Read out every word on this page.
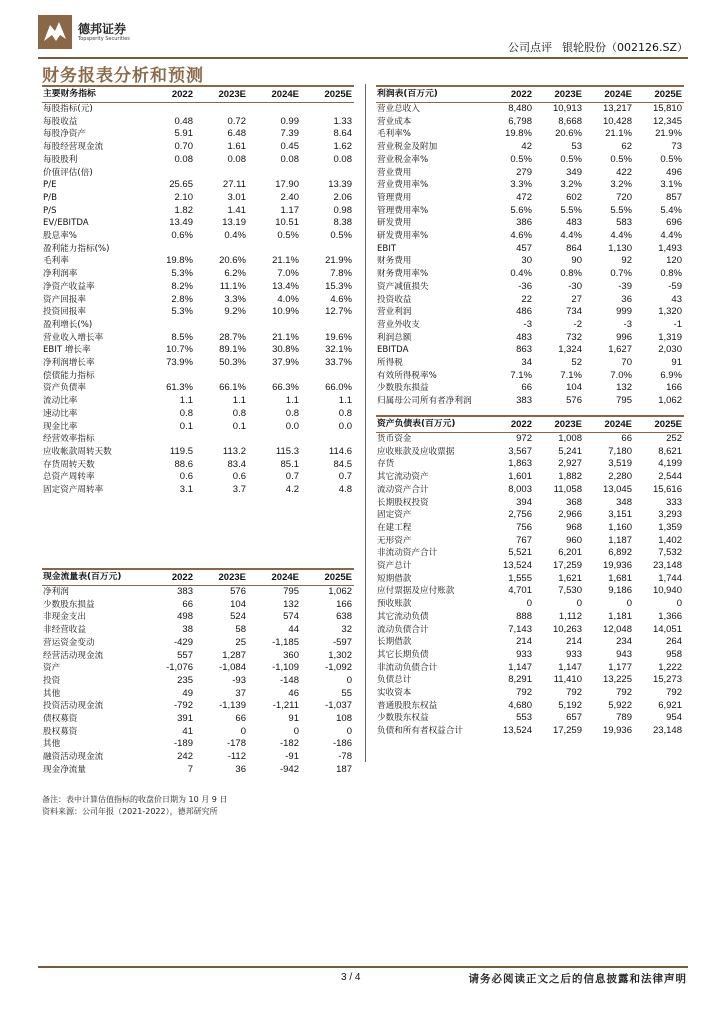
德邦证券
Topsperity Securities
公司点评 银轮股份（002126.SZ）
财务报表分析和预测
主要财务指标	2022	2023E	2024E	2025E
每股指标(元)				
每股收益	0.48	0.72	0.99	1.33
每股净资产	5.91	6.48	7.39	8.64
每股经营现金流	0.70	1.61	0.45	1.62
每股股利	0.08	0.08	0.08	0.08
价值评估(倍)				
P/E	25.65	27.11	17.90	13.39
P/B	2.10	3.01	2.40	2.06
P/S	1.82	1.41	1.17	0.98
EV/EBITDA	13.49	13.19	10.51	8.38
股息率%	0.6%	0.4%	0.5%	0.5%
盈利能力指标(%)				
毛利率	19.8%	20.6%	21.1%	21.9%
净利润率	5.3%	6.2%	7.0%	7.8%
净资产收益率	8.2%	11.1%	13.4%	15.3%
资产回报率	2.8%	3.3%	4.0%	4.6%
投资回报率	5.3%	9.2%	10.9%	12.7%
盈利增长(%)				
营业收入增长率	8.5%	28.7%	21.1%	19.6%
EBIT 增长率	10.7%	89.1%	30.8%	32.1%
净利润增长率	73.9%	50.3%	37.9%	33.7%
偿债能力指标				
资产负债率	61.3%	66.1%	66.3%	66.0%
流动比率	1.1	1.1	1.1	1.1
速动比率	0.8	0.8	0.8	0.8
现金比率	0.1	0.1	0.0	0.0
经营效率指标				
应收帐款周转天数	119.5	113.2	115.3	114.6
存货周转天数	88.6	83.4	85.1	84.5
总资产周转率	0.6	0.6	0.7	0.7
固定资产周转率	3.1	3.7	4.2	4.8
现金流量表(百万元)	2022	2023E	2024E	2025E
净利润	383	576	795	1,062
少数股东损益	66	104	132	166
非现金支出	498	524	574	638
非经营收益	38	58	44	32
营运资金变动	-429	25	-1,185	-597
经营活动现金流	557	1,287	360	1,302
资产	-1,076	-1,084	-1,109	-1,092
投资	235	-93	-148	0
其他	49	37	46	55
投资活动现金流	-792	-1,139	-1,211	-1,037
债权募资	391	66	91	108
股权募资	41	0	0	0
其他	-189	-178	-182	-186
融资活动现金流	242	-112	-91	-78
现金净流量	7	36	-942	187
利润表(百万元)	2022	2023E	2024E	2025E
营业总收入	8,480	10,913	13,217	15,810
营业成本	6,798	8,668	10,428	12,345
毛利率%	19.8%	20.6%	21.1%	21.9%
营业税金及附加	42	53	62	73
营业税金率%	0.5%	0.5%	0.5%	0.5%
营业费用	279	349	422	496
营业费用率%	3.3%	3.2%	3.2%	3.1%
管理费用	472	602	720	857
管理费用率%	5.6%	5.5%	5.5%	5.4%
研发费用	386	483	583	696
研发费用率%	4.6%	4.4%	4.4%	4.4%
EBIT	457	864	1,130	1,493
财务费用	30	90	92	120
财务费用率%	0.4%	0.8%	0.7%	0.8%
资产减值损失	-36	-30	-39	-59
投资收益	22	27	36	43
营业利润	486	734	999	1,320
营业外收支	-3	-2	-3	-1
利润总额	483	732	996	1,319
EBITDA	863	1,324	1,627	2,030
所得税	34	52	70	91
有效所得税率%	7.1%	7.1%	7.0%	6.9%
少数股东损益	66	104	132	166
归属母公司所有者净利润	383	576	795	1,062
资产负债表(百万元)	2022	2023E	2024E	2025E
货币资金	972	1,008	66	252
应收账款及应收票据	3,567	5,241	7,180	8,621
存货	1,863	2,927	3,519	4,199
其它流动资产	1,601	1,882	2,280	2,544
流动资产合计	8,003	11,058	13,045	15,616
长期股权投资	394	368	348	333
固定资产	2,756	2,966	3,151	3,293
在建工程	756	968	1,160	1,359
无形资产	767	960	1,187	1,402
非流动资产合计	5,521	6,201	6,892	7,532
资产总计	13,524	17,259	19,936	23,148
短期借款	1,555	1,621	1,681	1,744
应付票据及应付账款	4,701	7,530	9,186	10,940
预收账款	0	0	0	0
其它流动负债	888	1,112	1,181	1,366
流动负债合计	7,143	10,263	12,048	14,051
长期借款	214	214	234	264
其它长期负债	933	933	943	958
非流动负债合计	1,147	1,147	1,177	1,222
负债总计	8,291	11,410	13,225	15,273
实收资本	792	792	792	792
普通股股东权益	4,680	5,192	5,922	6,921
少数股东权益	553	657	789	954
负债和所有者权益合计	13,524	17,259	19,936	23,148
备注：表中计算估值指标的收盘价日期为 10 月 9 日
资料来源：公司年报（2021-2022），德邦研究所
3 / 4	请务必阅读正文之后的信息披露和法律声明
